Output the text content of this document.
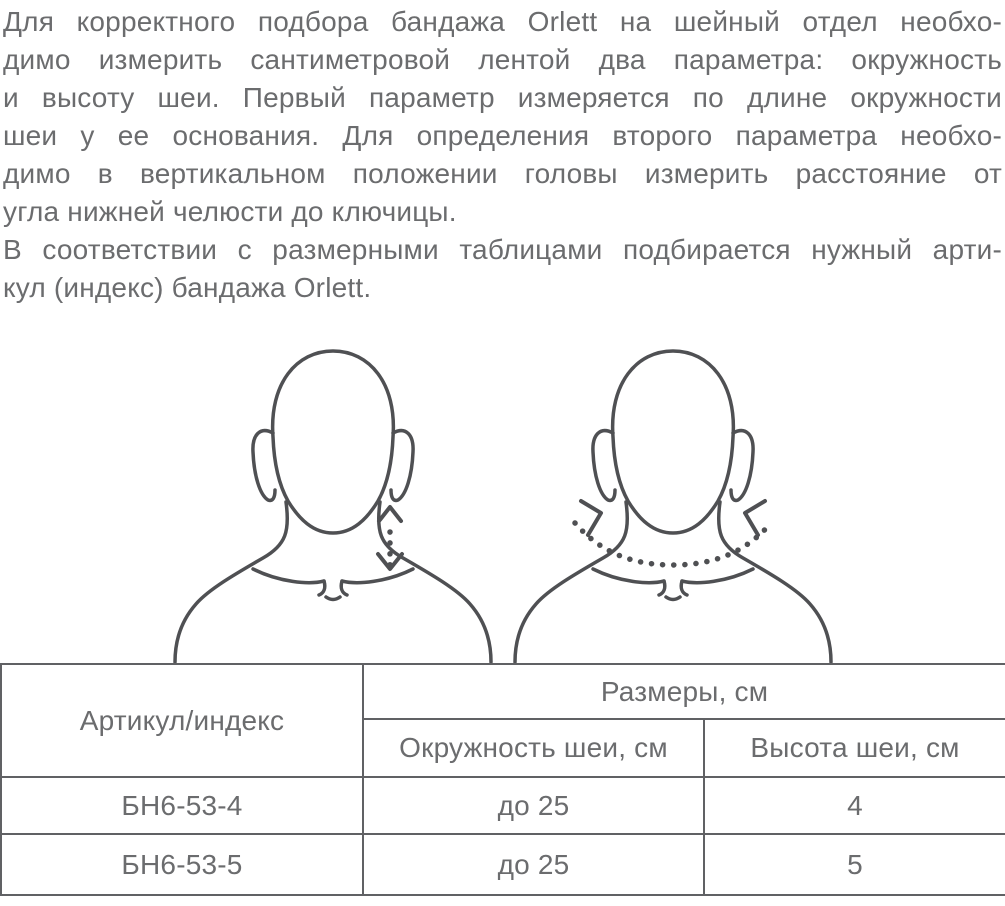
Для корректного подбора бандажа Orlett на шейный отдел необхо-
димо измерить сантиметровой лентой два параметра: окружность
и высоту шеи. Первый параметр измеряется по длине окружности
шеи у ее основания. Для определения второго параметра необхо-
димо в вертикальном положении головы измерить расстояние от
угла нижней челюсти до ключицы.

В соответствии с размерными таблицами подбирается нужный арти-
кул (индекс) бандажа Orlett.

Артикул/индекс	Размеры, см	
	Окружность шеи, см	Высота шеи, см
БН6-53-4	до 25	4
БН6-53-5	до 25	5
